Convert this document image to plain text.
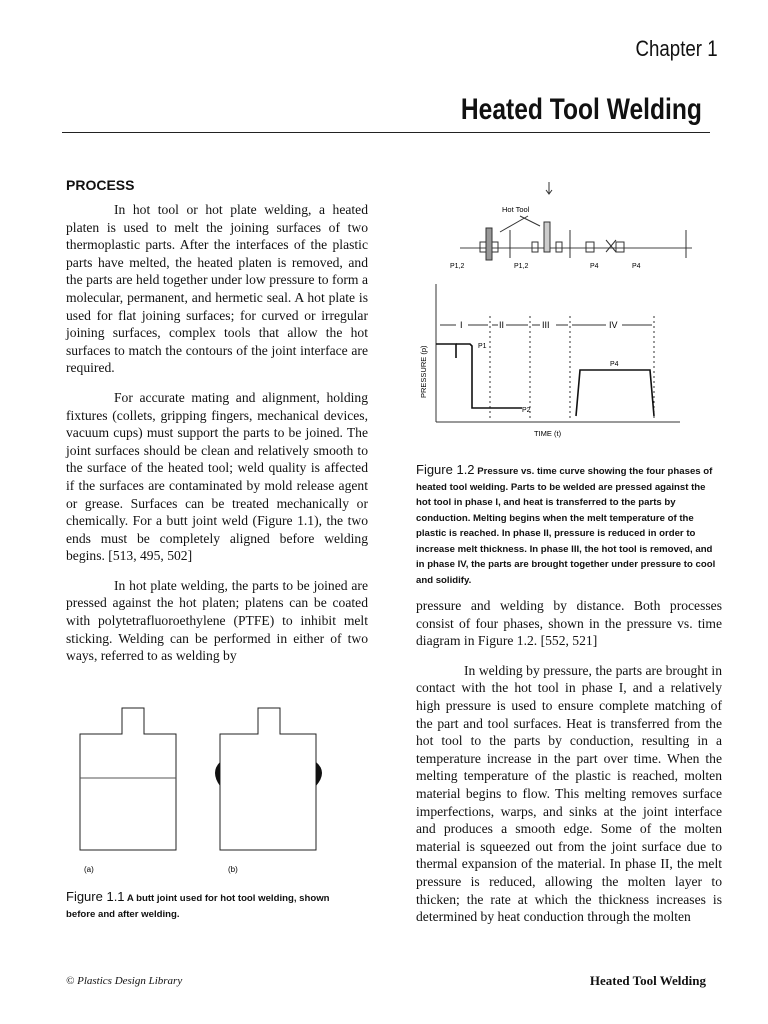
Chapter 1
Heated Tool Welding
PROCESS

In hot tool or hot plate welding, a heated platen is used to melt the joining surfaces of two thermoplastic parts. After the interfaces of the plastic parts have melted, the heated platen is removed, and the parts are held together under low pressure to form a molecular, permanent, and hermetic seal. A hot plate is used for flat joining surfaces; for curved or irregular joining surfaces, complex tools that allow the hot surfaces to match the contours of the joint interface are required.

For accurate mating and alignment, holding fixtures (collets, gripping fingers, mechanical devices, vacuum cups) must support the parts to be joined. The joint surfaces should be clean and relatively smooth to the surface of the heated tool; weld quality is affected if the surfaces are contaminated by mold release agent or grease. Surfaces can be treated mechanically or chemically. For a butt joint weld (Figure 1.1), the two ends must be completely aligned before welding begins. [513, 495, 502]

In hot plate welding, the parts to be joined are pressed against the hot platen; platens can be coated with polytetrafluoroethylene (PTFE) to inhibit melt sticking. Welding can be performed in either of two ways, referred to as welding by

(a)	(b)
Figure 1.1 A butt joint used for hot tool welding, shown before and after welding.
Hot Tool
P1,2	P1,2	P4	P4
I	II	III	IV
P1
P2
P4
PRESSURE (p)
TIME (t)
Figure 1.2 Pressure vs. time curve showing the four phases of heated tool welding. Parts to be welded are pressed against the hot tool in phase I, and heat is transferred to the parts by conduction. Melting begins when the melt temperature of the plastic is reached. In phase II, pressure is reduced in order to increase melt thickness. In phase III, the hot tool is removed, and in phase IV, the parts are brought together under pressure to cool and solidify.

pressure and welding by distance. Both processes consist of four phases, shown in the pressure vs. time diagram in Figure 1.2. [552, 521]

In welding by pressure, the parts are brought in contact with the hot tool in phase I, and a relatively high pressure is used to ensure complete matching of the part and tool surfaces. Heat is transferred from the hot tool to the parts by conduction, resulting in a temperature increase in the part over time. When the melting temperature of the plastic is reached, molten material begins to flow. This melting removes surface imperfections, warps, and sinks at the joint interface and produces a smooth edge. Some of the molten material is squeezed out from the joint surface due to thermal expansion of the material. In phase II, the melt pressure is reduced, allowing the molten layer to thicken; the rate at which the thickness increases is determined by heat conduction through the molten

© Plastics Design Library	Heated Tool Welding
